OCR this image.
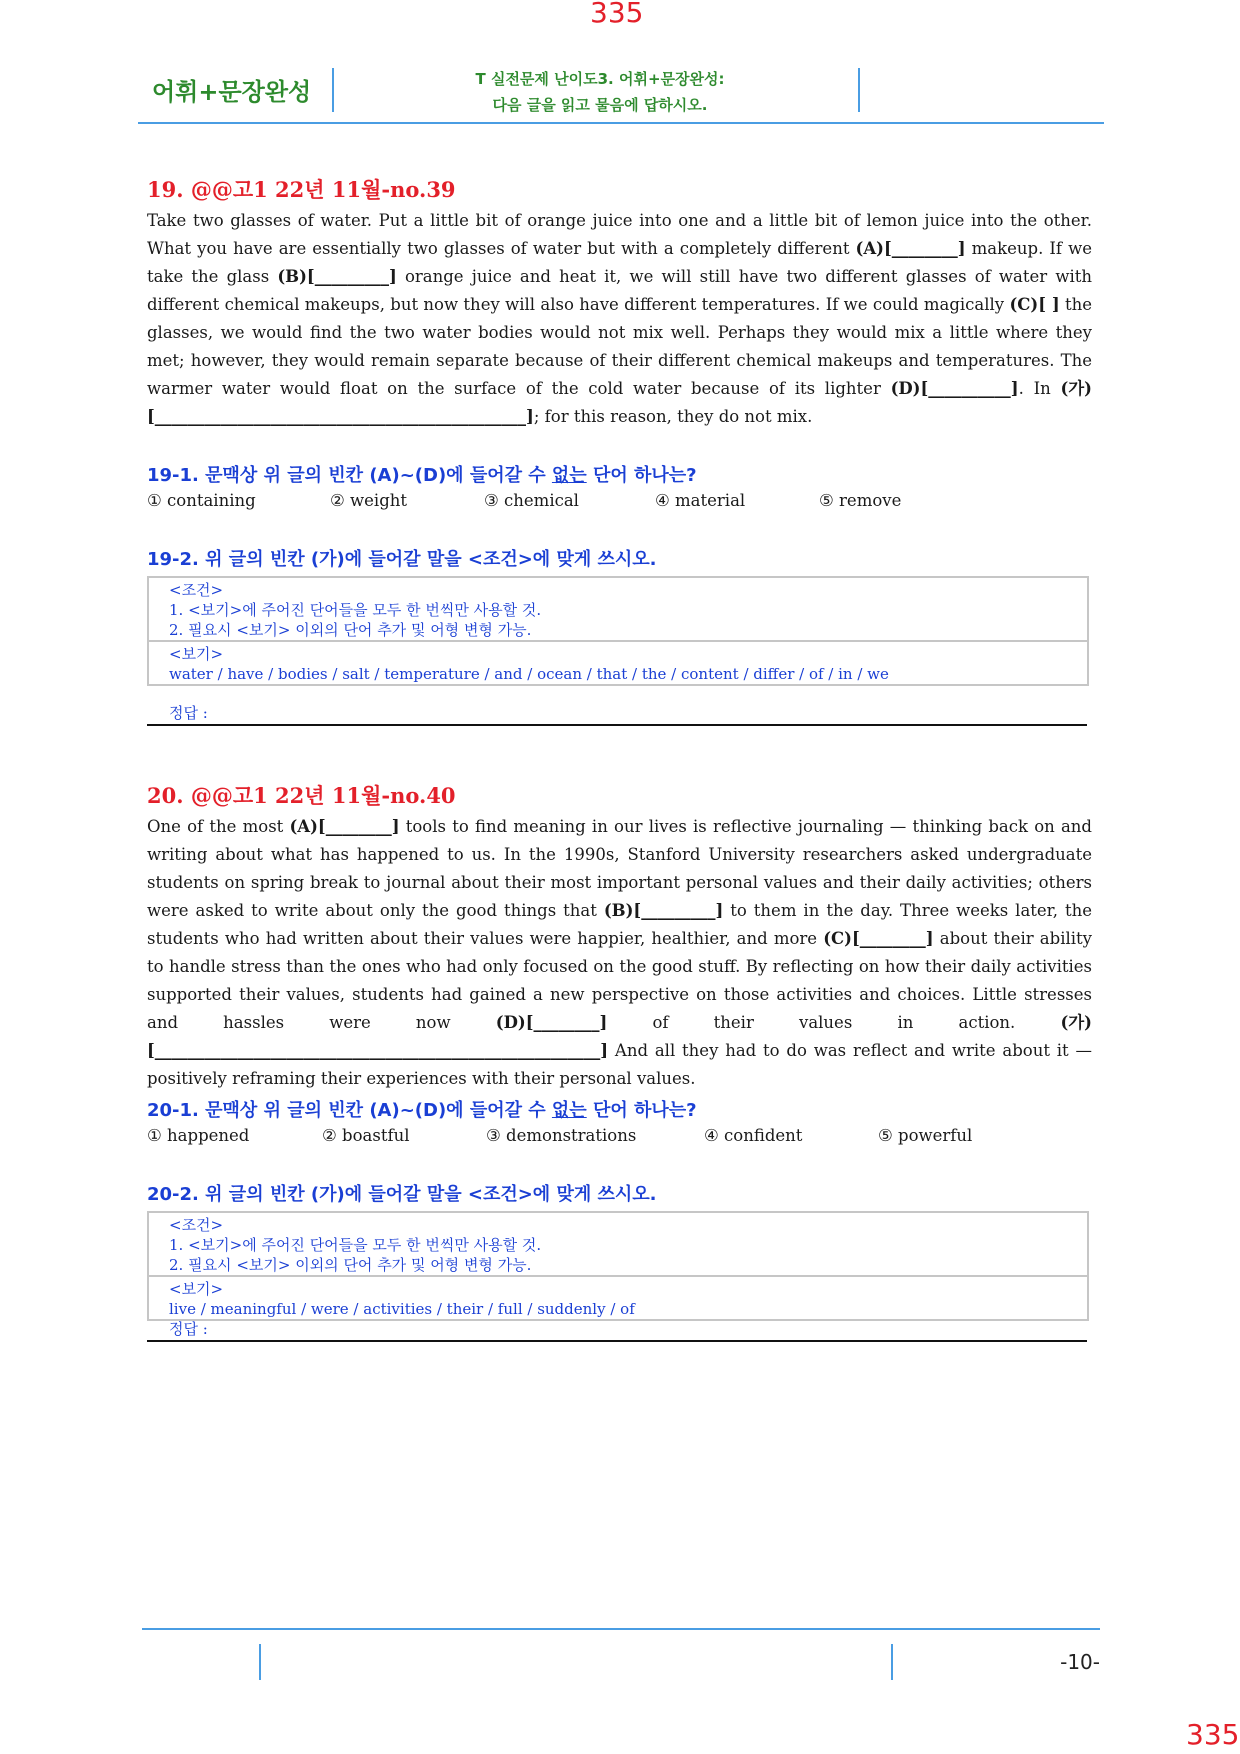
335
어휘+문장완성	T 실전문제 난이도3. 어휘+문장완성:
다음 글을 읽고 물음에 답하시오.
19. @@고1 22년 11월-no.39
Take two glasses of water. Put a little bit of orange juice into one and a little bit of lemon juice into the other. What you have are essentially two glasses of water but with a completely different (A)[________] makeup. If we take the glass (B)[_________] orange juice and heat it, we will still have two different glasses of water with different chemical makeups, but now they will also have different temperatures. If we could magically (C)[ ] the glasses, we would find the two water bodies would not mix well. Perhaps they would mix a little where they met; however, they would remain separate because of their different chemical makeups and temperatures. The warmer water would float on the surface of the cold water because of its lighter (D)[__________]. In (가)[_____________________________________________]; for this reason, they do not mix.
19-1. 문맥상 위 글의 빈칸 (A)~(D)에 들어갈 수 없는 단어 하나는?
① containing	② weight	③ chemical	④ material	⑤ remove
19-2. 위 글의 빈칸 (가)에 들어갈 말을 <조건>에 맞게 쓰시오.
<조건>
1. <보기>에 주어진 단어들을 모두 한 번씩만 사용할 것.
2. 필요시 <보기> 이외의 단어 추가 및 어형 변형 가능.
<보기>
water / have / bodies / salt / temperature / and / ocean / that / the / content / differ / of / in / we
정답 :
20. @@고1 22년 11월-no.40
One of the most (A)[________] tools to find meaning in our lives is reflective journaling — thinking back on and writing about what has happened to us. In the 1990s, Stanford University researchers asked undergraduate students on spring break to journal about their most important personal values and their daily activities; others were asked to write about only the good things that (B)[_________] to them in the day. Three weeks later, the students who had written about their values were happier, healthier, and more (C)[________] about their ability to handle stress than the ones who had only focused on the good stuff. By reflecting on how their daily activities supported their values, students had gained a new perspective on those activities and choices. Little stresses and hassles were now (D)[________] of their values in action. (가)[______________________________________________________] And all they had to do was reflect and write about it — positively reframing their experiences with their personal values.
20-1. 문맥상 위 글의 빈칸 (A)~(D)에 들어갈 수 없는 단어 하나는?
① happened	② boastful	③ demonstrations	④ confident	⑤ powerful
20-2. 위 글의 빈칸 (가)에 들어갈 말을 <조건>에 맞게 쓰시오.
<조건>
1. <보기>에 주어진 단어들을 모두 한 번씩만 사용할 것.
2. 필요시 <보기> 이외의 단어 추가 및 어형 변형 가능.
<보기>
live / meaningful / were / activities / their / full / suddenly / of
정답 :
-10-
335
